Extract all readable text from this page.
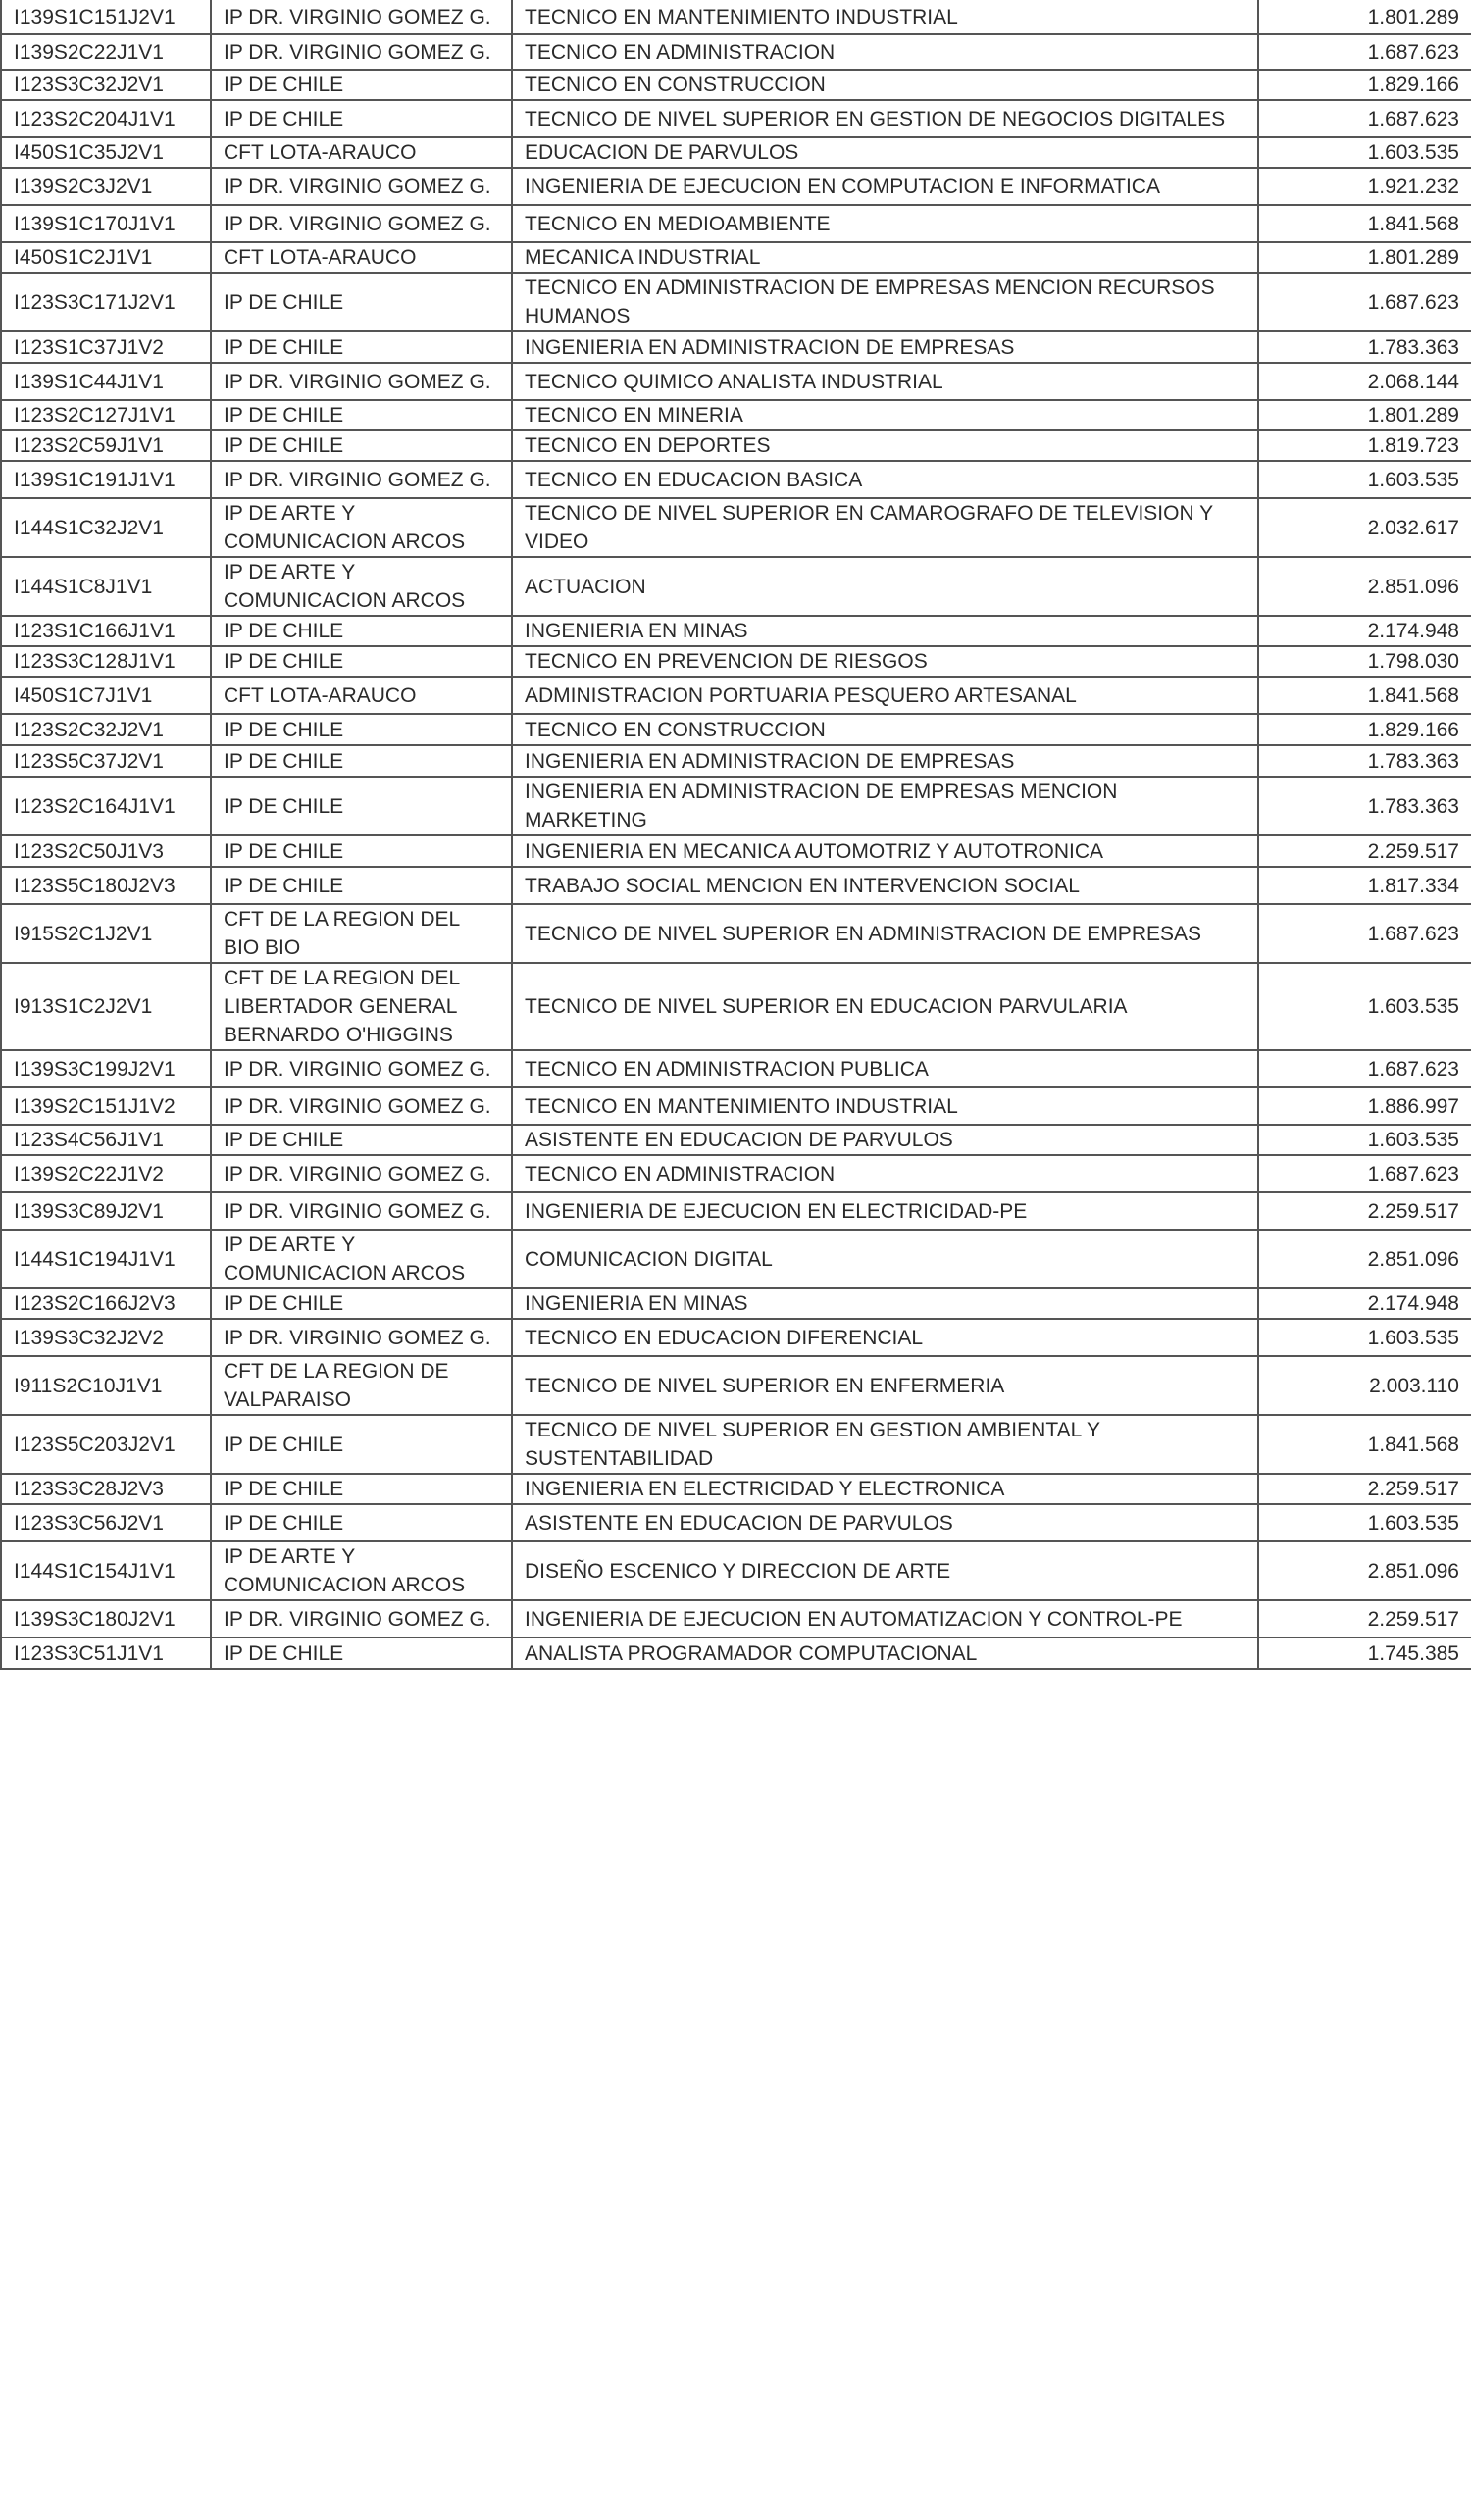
I139S1C151J2V1	IP DR. VIRGINIO GOMEZ G.	TECNICO EN MANTENIMIENTO INDUSTRIAL	1.801.289
I139S2C22J1V1	IP DR. VIRGINIO GOMEZ G.	TECNICO EN ADMINISTRACION	1.687.623
I123S3C32J2V1	IP DE CHILE	TECNICO EN CONSTRUCCION	1.829.166
I123S2C204J1V1	IP DE CHILE	TECNICO DE NIVEL SUPERIOR EN GESTION DE NEGOCIOS DIGITALES	1.687.623
I450S1C35J2V1	CFT LOTA-ARAUCO	EDUCACION DE PARVULOS	1.603.535
I139S2C3J2V1	IP DR. VIRGINIO GOMEZ G.	INGENIERIA DE EJECUCION EN COMPUTACION E INFORMATICA	1.921.232
I139S1C170J1V1	IP DR. VIRGINIO GOMEZ G.	TECNICO EN MEDIOAMBIENTE	1.841.568
I450S1C2J1V1	CFT LOTA-ARAUCO	MECANICA INDUSTRIAL	1.801.289
I123S3C171J2V1	IP DE CHILE	TECNICO EN ADMINISTRACION DE EMPRESAS MENCION RECURSOS HUMANOS	1.687.623
I123S1C37J1V2	IP DE CHILE	INGENIERIA EN ADMINISTRACION DE EMPRESAS	1.783.363
I139S1C44J1V1	IP DR. VIRGINIO GOMEZ G.	TECNICO QUIMICO ANALISTA INDUSTRIAL	2.068.144
I123S2C127J1V1	IP DE CHILE	TECNICO EN MINERIA	1.801.289
I123S2C59J1V1	IP DE CHILE	TECNICO EN DEPORTES	1.819.723
I139S1C191J1V1	IP DR. VIRGINIO GOMEZ G.	TECNICO EN EDUCACION BASICA	1.603.535
I144S1C32J2V1	IP DE ARTE Y COMUNICACION ARCOS	TECNICO DE NIVEL SUPERIOR EN CAMAROGRAFO DE TELEVISION Y VIDEO	2.032.617
I144S1C8J1V1	IP DE ARTE Y COMUNICACION ARCOS	ACTUACION	2.851.096
I123S1C166J1V1	IP DE CHILE	INGENIERIA EN MINAS	2.174.948
I123S3C128J1V1	IP DE CHILE	TECNICO EN PREVENCION DE RIESGOS	1.798.030
I450S1C7J1V1	CFT LOTA-ARAUCO	ADMINISTRACION PORTUARIA PESQUERO ARTESANAL	1.841.568
I123S2C32J2V1	IP DE CHILE	TECNICO EN CONSTRUCCION	1.829.166
I123S5C37J2V1	IP DE CHILE	INGENIERIA EN ADMINISTRACION DE EMPRESAS	1.783.363
I123S2C164J1V1	IP DE CHILE	INGENIERIA EN ADMINISTRACION DE EMPRESAS MENCION MARKETING	1.783.363
I123S2C50J1V3	IP DE CHILE	INGENIERIA EN MECANICA AUTOMOTRIZ Y AUTOTRONICA	2.259.517
I123S5C180J2V3	IP DE CHILE	TRABAJO SOCIAL MENCION EN INTERVENCION SOCIAL	1.817.334
I915S2C1J2V1	CFT DE LA REGION DEL BIO BIO	TECNICO DE NIVEL SUPERIOR EN ADMINISTRACION DE EMPRESAS	1.687.623
I913S1C2J2V1	CFT DE LA REGION DEL LIBERTADOR GENERAL BERNARDO O'HIGGINS	TECNICO DE NIVEL SUPERIOR EN EDUCACION PARVULARIA	1.603.535
I139S3C199J2V1	IP DR. VIRGINIO GOMEZ G.	TECNICO EN ADMINISTRACION PUBLICA	1.687.623
I139S2C151J1V2	IP DR. VIRGINIO GOMEZ G.	TECNICO EN MANTENIMIENTO INDUSTRIAL	1.886.997
I123S4C56J1V1	IP DE CHILE	ASISTENTE EN EDUCACION DE PARVULOS	1.603.535
I139S2C22J1V2	IP DR. VIRGINIO GOMEZ G.	TECNICO EN ADMINISTRACION	1.687.623
I139S3C89J2V1	IP DR. VIRGINIO GOMEZ G.	INGENIERIA DE EJECUCION EN ELECTRICIDAD-PE	2.259.517
I144S1C194J1V1	IP DE ARTE Y COMUNICACION ARCOS	COMUNICACION DIGITAL	2.851.096
I123S2C166J2V3	IP DE CHILE	INGENIERIA EN MINAS	2.174.948
I139S3C32J2V2	IP DR. VIRGINIO GOMEZ G.	TECNICO EN EDUCACION DIFERENCIAL	1.603.535
I911S2C10J1V1	CFT DE LA REGION DE VALPARAISO	TECNICO DE NIVEL SUPERIOR EN ENFERMERIA	2.003.110
I123S5C203J2V1	IP DE CHILE	TECNICO DE NIVEL SUPERIOR EN GESTION AMBIENTAL Y SUSTENTABILIDAD	1.841.568
I123S3C28J2V3	IP DE CHILE	INGENIERIA EN ELECTRICIDAD Y ELECTRONICA	2.259.517
I123S3C56J2V1	IP DE CHILE	ASISTENTE EN EDUCACION DE PARVULOS	1.603.535
I144S1C154J1V1	IP DE ARTE Y COMUNICACION ARCOS	DISEÑO ESCENICO Y DIRECCION DE ARTE	2.851.096
I139S3C180J2V1	IP DR. VIRGINIO GOMEZ G.	INGENIERIA DE EJECUCION EN AUTOMATIZACION Y CONTROL-PE	2.259.517
I123S3C51J1V1	IP DE CHILE	ANALISTA PROGRAMADOR COMPUTACIONAL	1.745.385
